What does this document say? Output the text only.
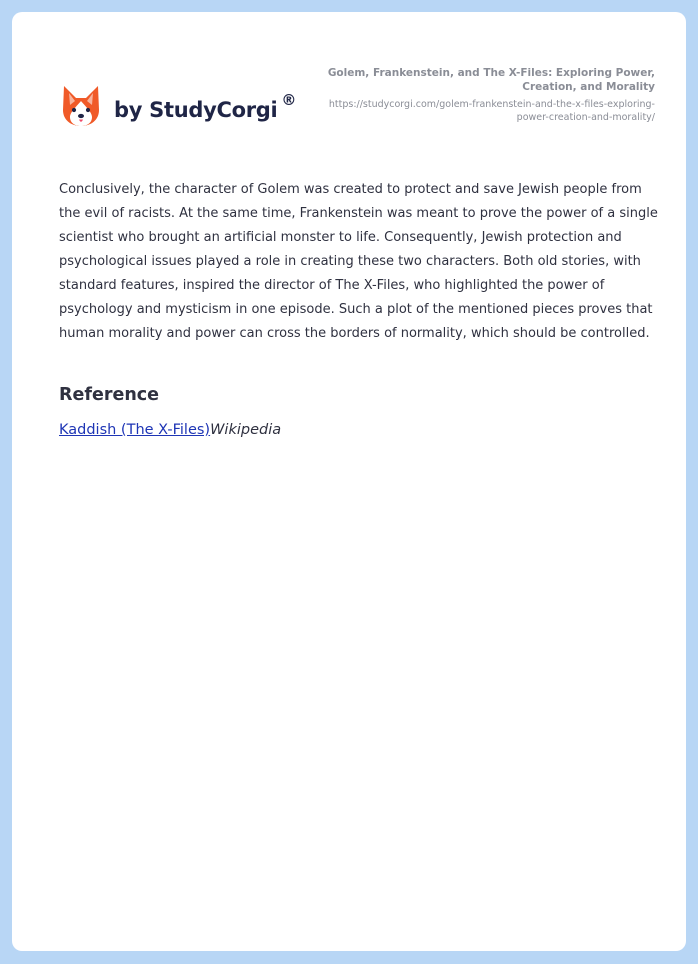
by StudyCorgi ®
Golem, Frankenstein, and The X-Files: Exploring Power, Creation, and Morality
https://studycorgi.com/golem-frankenstein-and-the-x-files-exploring-power-creation-and-morality/

Conclusively, the character of Golem was created to protect and save Jewish people from the evil of racists. At the same time, Frankenstein was meant to prove the power of a single scientist who brought an artificial monster to life. Consequently, Jewish protection and psychological issues played a role in creating these two characters. Both old stories, with standard features, inspired the director of The X-Files, who highlighted the power of psychology and mysticism in one episode. Such a plot of the mentioned pieces proves that human morality and power can cross the borders of normality, which should be controlled.

Reference
Kaddish (The X-Files)Wikipedia
